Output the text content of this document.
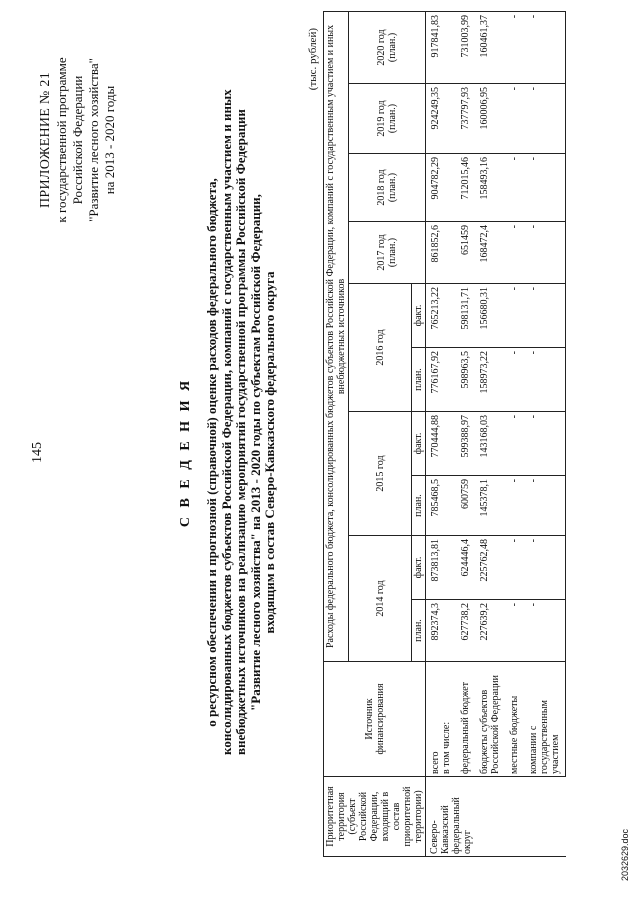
145
ПРИЛОЖЕНИЕ № 21 к государственной программе Российской Федерации "Развитие лесного хозяйства" на 2013 - 2020 годы
С В Е Д Е Н И Я о ресурсном обеспечении и прогнозной (справочной) оценке расходов федерального бюджета, консолидированных бюджетов субъектов Российской Федерации, компаний с государственным участием и иных внебюджетных источников на реализацию мероприятий государственной программы Российской Федерации "Развитие лесного хозяйства" на 2013 - 2020 годы по субъектам Российской Федерации, входящим в состав Северо-Кавказского федерального округа
(тыс. рублей)
Приоритетная территория (субъект Российской Федерации, входящий в состав приоритетной территории)	Источник финансирования	Расходы федерального бюджета, консолидированных бюджетов субъектов Российской Федерации, компаний с государственным участием и иных внебюджетных источников									
		2014 год		2015 год		2016 год		2017 год (план.)	2018 год (план.)	2019 год (план.)	2020 год (план.)
		план.	факт.	план.	факт.	план.	факт.				
Северо-Кавказский федеральный округ	всего в том числе:	892374,3	873813,81	785468,5	770444,88	776167,92	765213,22	861852,6	904782,29	924249,35	917841,83
	федеральный бюджет	627738,2	624446,4	600759	599388,97	598963,5	598131,71	651459	712015,46	737797,93	731003,99
	бюджеты субъектов Российской Федерации	227639,2	225762,48	145378,1	143168,03	158973,22	156680,31	168472,4	158493,16	160006,95	160461,37
	местные бюджеты	-	-	-	-	-	-	-	-	-	-
	компании с государственным участием	-	-	-	-	-	-	-	-	-	-
2032629.doc
